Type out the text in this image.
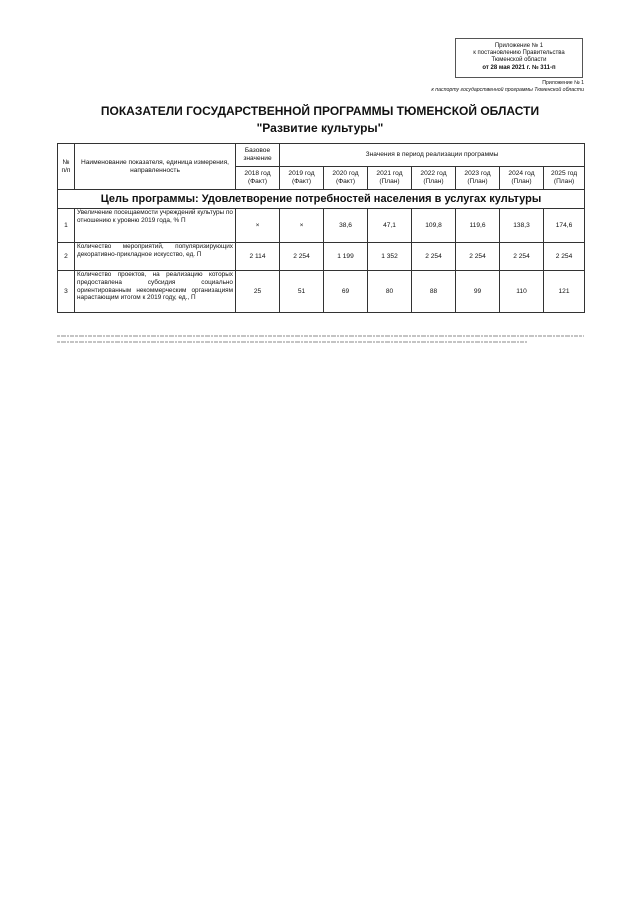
Приложение № 1
к постановлению Правительства
Тюменской области
от 28 мая 2021 г. № 311-п
Приложение № 1
к паспорту государственной программы Тюменской области
ПОКАЗАТЕЛИ ГОСУДАРСТВЕННОЙ ПРОГРАММЫ ТЮМЕНСКОЙ ОБЛАСТИ
"Развитие культуры"
№ п/п	Наименование показателя, единица измерения, направленность	Базовое значение	Значения в период реализации программы						
		2018 год (Факт)	2019 год (Факт)	2020 год (Факт)	2021 год (План)	2022 год (План)	2023 год (План)	2024 год (План)	2025 год (План)
Цель программы: Удовлетворение потребностей населения в услугах культуры									
1	Увеличение посещаемости учреждений культуры по отношению к уровню 2019 года, % П	×	×	38,6	47,1	109,8	119,6	138,3	174,6
2	Количество мероприятий, популяризирующих декоративно-прикладное искусство, ед. П	2 114	2 254	1 199	1 352	2 254	2 254	2 254	2 254
3	Количество проектов, на реализацию которых предоставлена субсидия социально ориентированным некоммерческим организациям нарастающим итогом к 2019 году, ед., П	25	51	69	80	88	99	110	121
